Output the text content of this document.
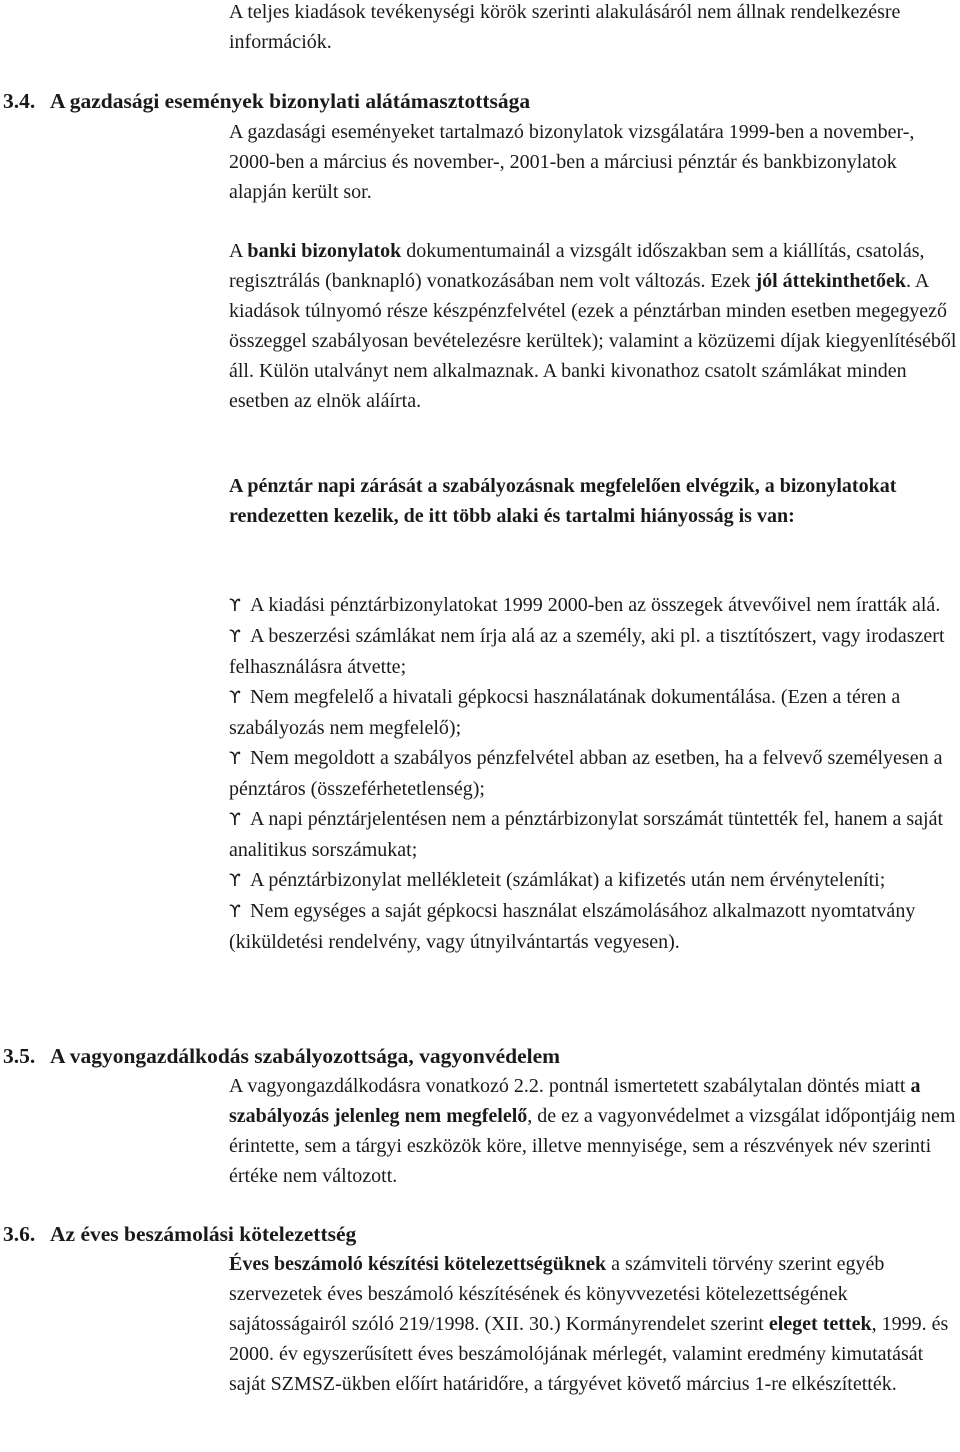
A teljes kiadások tevékenységi körök szerinti alakulásáról nem állnak rendelkezésre információk.

3.4. A gazdasági események bizonylati alátámasztottsága

A gazdasági eseményeket tartalmazó bizonylatok vizsgálatára 1999-ben a november-, 2000-ben a március és november-, 2001-ben a márciusi pénztár és bankbizonylatok alapján került sor.

A banki bizonylatok dokumentumainál a vizsgált időszakban sem a kiállítás, csatolás, regisztrálás (banknapló) vonatkozásában nem volt változás. Ezek jól áttekinthetőek. A kiadások túlnyomó része készpénzfelvétel (ezek a pénztárban minden esetben megegyező összeggel szabályosan bevételezésre kerültek); valamint a közüzemi díjak kiegyenlítéséből áll. Külön utalványt nem alkalmaznak. A banki kivonathoz csatolt számlákat minden esetben az elnök aláírta.

A pénztár napi zárását a szabályozásnak megfelelően elvégzik, a bizonylatokat rendezetten kezelik, de itt több alaki és tartalmi hiányosság is van:

ϒ A kiadási pénztárbizonylatokat 1999 2000-ben az összegek átvevőivel nem íratták alá.
ϒ A beszerzési számlákat nem írja alá az a személy, aki pl. a tisztítószert, vagy irodaszert felhasználásra átvette;
ϒ Nem megfelelő a hivatali gépkocsi használatának dokumentálása. (Ezen a téren a szabályozás nem megfelelő);
ϒ Nem megoldott a szabályos pénzfelvétel abban az esetben, ha a felvevő személyesen a pénztáros (összeférhetetlenség);
ϒ A napi pénztárjelentésen nem a pénztárbizonylat sorszámát tüntették fel, hanem a saját analitikus sorszámukat;
ϒ A pénztárbizonylat mellékleteit (számlákat) a kifizetés után nem érvényteleníti;
ϒ Nem egységes a saját gépkocsi használat elszámolásához alkalmazott nyomtatvány (kiküldetési rendelvény, vagy útnyilvántartás vegyesen).
3.5. A vagyongazdálkodás szabályozottsága, vagyonvédelem

A vagyongazdálkodásra vonatkozó 2.2. pontnál ismertetett szabálytalan döntés miatt a szabályozás jelenleg nem megfelelő, de ez a vagyonvédelmet a vizsgálat időpontjáig nem érintette, sem a tárgyi eszközök köre, illetve mennyisége, sem a részvények név szerinti értéke nem változott.

3.6. Az éves beszámolási kötelezettség

Éves beszámoló készítési kötelezettségüknek a számviteli törvény szerint egyéb szervezetek éves beszámoló készítésének és könyvvezetési kötelezettségének sajátosságairól szóló 219/1998. (XII. 30.) Kormányrendelet szerint eleget tettek, 1999. és 2000. év egyszerűsített éves beszámolójának mérlegét, valamint eredmény kimutatását saját SZMSZ-ükben előírt határidőre, a tárgyévet követő március 1-re elkészítették.
